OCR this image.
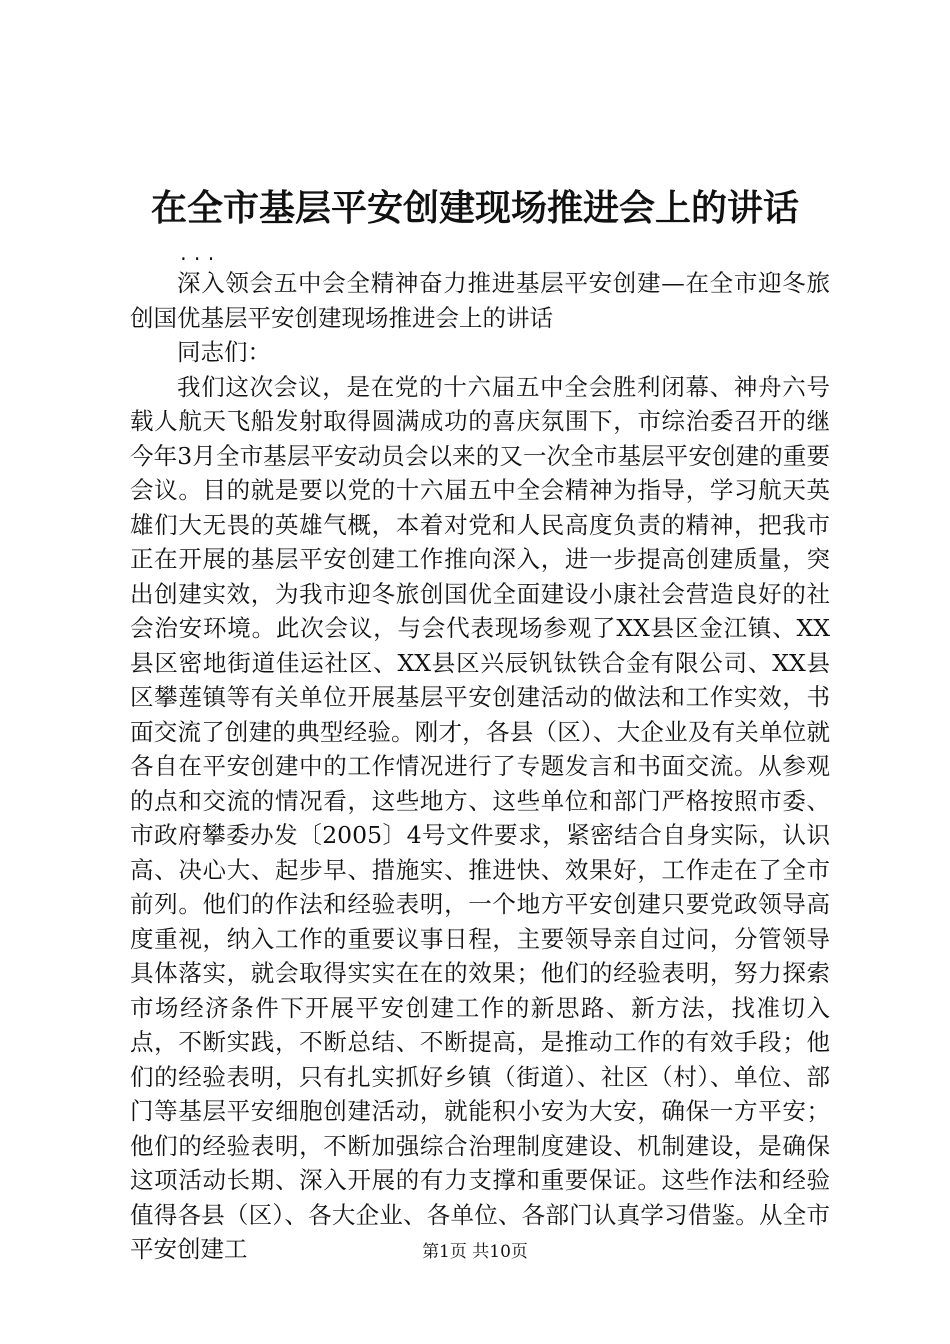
在全市基层平安创建现场推进会上的讲话
...

深入领会五中会全精神奋力推进基层平安创建—在全市迎冬旅创国优基层平安创建现场推进会上的讲话

同志们：

我们这次会议，是在党的十六届五中全会胜利闭幕、神舟六号载人航天飞船发射取得圆满成功的喜庆氛围下，市综治委召开的继今年3月全市基层平安动员会以来的又一次全市基层平安创建的重要会议。目的就是要以党的十六届五中全会精神为指导，学习航天英雄们大无畏的英雄气概，本着对党和人民高度负责的精神，把我市正在开展的基层平安创建工作推向深入，进一步提高创建质量，突出创建实效，为我市迎冬旅创国优全面建设小康社会营造良好的社会治安环境。此次会议，与会代表现场参观了XX县区金江镇、XX县区密地街道佳运社区、XX县区兴辰钒钛铁合金有限公司、XX县区攀莲镇等有关单位开展基层平安创建活动的做法和工作实效，书面交流了创建的典型经验。刚才，各县（区）、大企业及有关单位就各自在平安创建中的工作情况进行了专题发言和书面交流。从参观的点和交流的情况看，这些地方、这些单位和部门严格按照市委、市政府攀委办发〔2005〕4号文件要求，紧密结合自身实际，认识高、决心大、起步早、措施实、推进快、效果好，工作走在了全市前列。他们的作法和经验表明，一个地方平安创建只要党政领导高度重视，纳入工作的重要议事日程，主要领导亲自过问，分管领导具体落实，就会取得实实在在的效果；他们的经验表明，努力探索市场经济条件下开展平安创建工作的新思路、新方法，找准切入点，不断实践，不断总结、不断提高，是推动工作的有效手段；他们的经验表明，只有扎实抓好乡镇（街道）、社区（村）、单位、部门等基层平安细胞创建活动，就能积小安为大安，确保一方平安；他们的经验表明，不断加强综合治理制度建设、机制建设，是确保这项活动长期、深入开展的有力支撑和重要保证。这些作法和经验值得各县（区）、各大企业、各单位、各部门认真学习借鉴。从全市平安创建工	第1页 共10页
